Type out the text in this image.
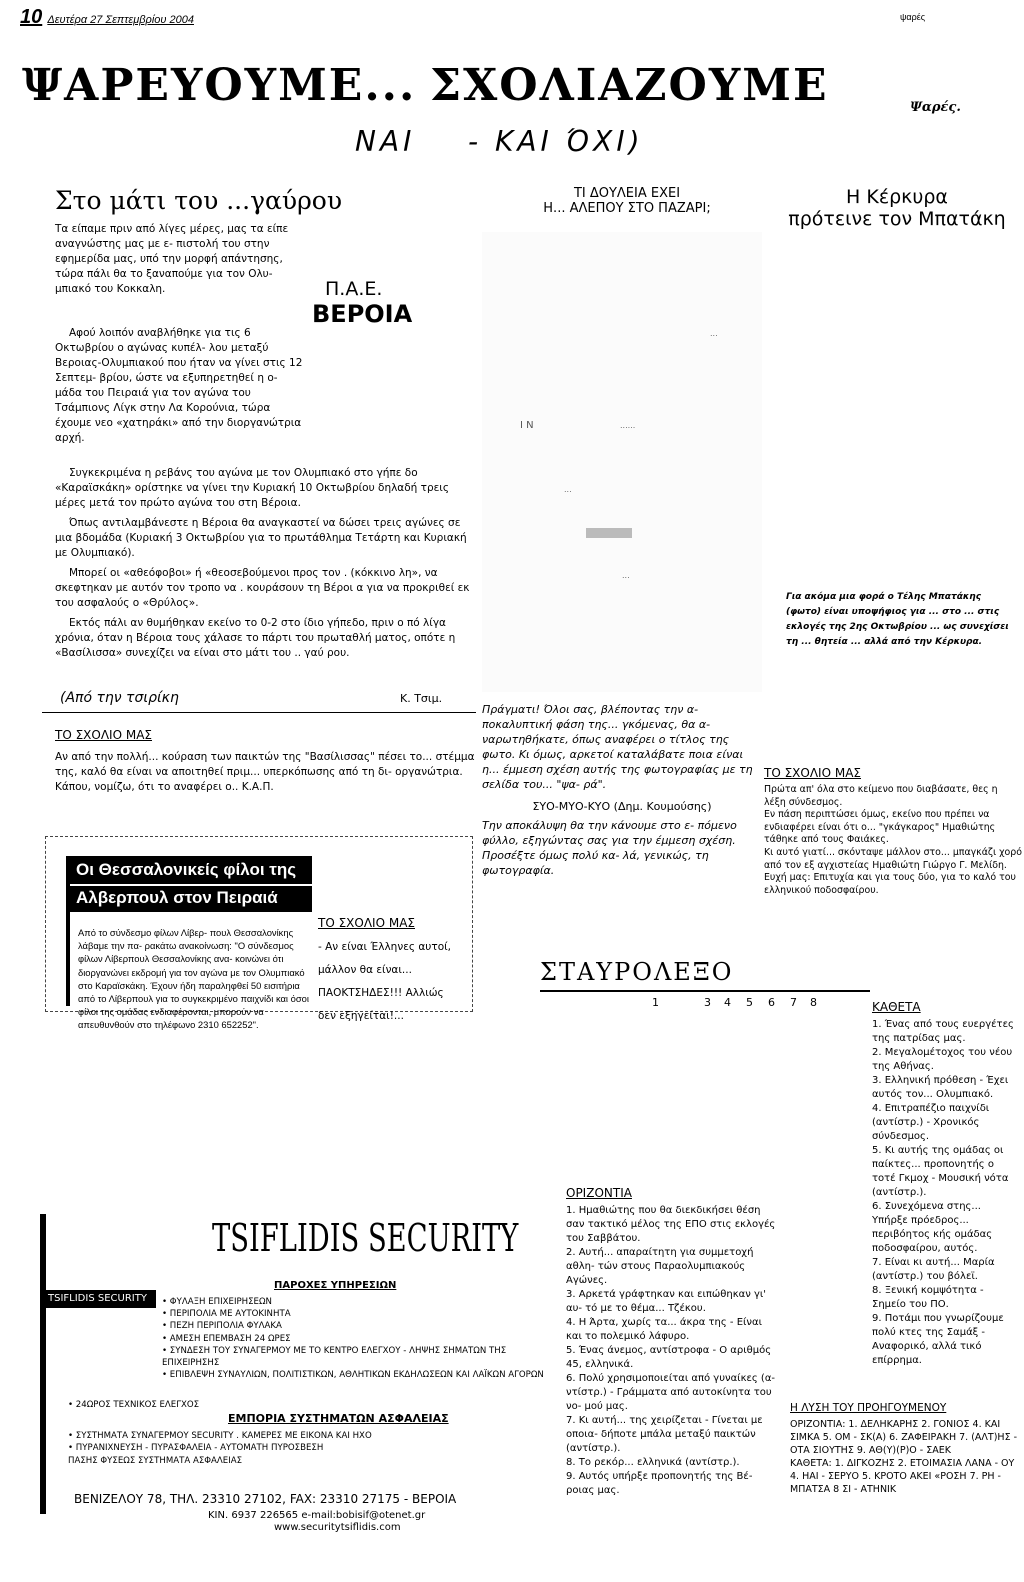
10 Δευτέρα 27 Σεπτεμβρίου 2004	ψαρές
ΨΑΡΕΥΟΥΜΕ... ΣΧΟΛΙΑΖΟΥΜΕ
ΝΑΙ - ΚΑΙ ΌΧΙ)
Ψαρές.
Στο μάτι του ...γαύρου
Π.Α.Ε.
ΒΕΡΟΙΑ
Τα είπαμε πριν από λίγες μέρες, μας τα είπε αναγνώστης μας με ε- πιστολή του στην εφημερίδα μας, υπό την μορφή απάντησης, τώρα πάλι θα το ξαναπούμε για τον Ολυ- μπιακό του Κοκκαλη.
Αφού λοιπόν αναβλήθηκε για τις 6 Οκτωβρίου ο αγώνας κυπέλ- λου μεταξύ Βεροιας-Ολυμπιακού που ήταν να γίνει στις 12 Σεπτεμ- βρίου, ώστε να εξυπηρετηθεί η ο- μάδα του Πειραιά για τον αγώνα του Τσάμπιονς Λίγκ στην Λα Κορούνια, τώρα έχουμε νεο «χατηράκι» από την διοργανώτρια αρχή.
Συγκεκριμένα η ρεβάνς του αγώνα με τον Ολυμπιακό στο γήπε δο «Καραϊσκάκη» ορίστηκε να γίνει την Κυριακή 10 Οκτωβρίου δηλαδή τρεις μέρες μετά τον πρώτο αγώνα του στη Βέροια.
Όπως αντιλαμβάνεστε η Βέροια θα αναγκαστεί να δώσει τρεις αγώνες σε μια βδομάδα (Κυριακή 3 Οκτωβρίου για το πρωτάθλημα Τετάρτη και Κυριακή με Ολυμπιακό).
Μπορεί οι «αθεόφοβοι» ή «θεοσεβούμενοι προς τον . (κόκκινο λη», να σκεφτηκαν με αυτόν τον τροπο να . κουράσουν τη Βέροι α για να προκριθεί εκ του ασφαλούς ο «Θρύλος».
Εκτός πάλι αν θυμήθηκαν εκείνο το 0-2 στο ίδιο γήπεδο, πριν ο πό λίγα χρόνια, όταν η Βέροια τους χάλασε το πάρτι του πρωταθλή ματος, οπότε η «Βασίλισσα» συνεχίζει να είναι στο μάτι του .. γαύ ρου.
(Από την τσιρίκη	Κ. Τσιμ.
ΤΟ ΣΧΟΛΙΟ ΜΑΣ
Αν από την πολλή... κούραση των παικτών της "Βασίλισσας" πέσει το... στέμμα της, καλό θα είναι να αποιτηθεί πριμ... υπερκόπωσης από τη δι- οργανώτρια. Κάπου, νομίζω, ότι το αναφέρει ο.. Κ.Α.Π.
Οι Θεσσαλονικείς φίλοι της
Αλβερπουλ στον Πειραιά
Από το σύνδεσμο φίλων Λίβερ- πουλ Θεσσαλονίκης λάβαμε την πα- ρακάτω ανακοίνωση: "Ο σύνδεσμος φίλων Λίβερπουλ Θεσσαλονίκης ανα- κοινώνει ότι διοργανώνει εκδρομή για τον αγώνα με τον Ολυμπιακό στο Καραϊσκάκη. Έχουν ήδη παραληφθεί 50 εισιτήρια από το Λίβερπουλ για το συγκεκριμένο παιχνίδι και όσοι φίλοι της ομάδας ενδιαφέρονται, μπορούν να απευθυνθούν στο τηλέφωνο 2310 652252".
ΤΟ ΣΧΟΛΙΟ ΜΑΣ
- Αν είναι Έλληνες αυτοί,
μάλλον θα είναι...
ΠΑΟΚΤΣΗΔΕΣ!!! Αλλιώς
δεν εξηγείται!...
ΤΙ ΔΟΥΛΕΙΑ ΕΧΕΙ
Η... ΑΛΕΠΟΥ ΣΤΟ ΠΑΖΑΡΙ;
Ι Ν	......
...
...
...
Πράγματι! Όλοι σας, βλέποντας την α- ποκαλυπτική φάση της... γκόμενας, θα α- ναρωτηθήκατε, όπως αναφέρει ο τίτλος της φωτο. Κι όμως, αρκετοί καταλάβατε ποια είναι η... έμμεση σχέση αυτής της φωτογραφίας με τη σελίδα του... "ψα- ρά".
ΣΥΟ-ΜΥΟ-ΚΥΟ (Δημ. Κουμούσης)
Την αποκάλυψη θα την κάνουμε στο ε- πόμενο φύλλο, εξηγώντας σας για την έμμεση σχέση. Προσέξτε όμως πολύ κα- λά, γενικώς, τη φωτογραφία.
Η Κέρκυρα
πρότεινε τον Μπατάκη
Για ακόμα μια φορά ο Τέλης Μπατάκης (φωτο) είναι υποψήφιος για ... στο ... στις εκλογές της 2ης Οκτωβρίου ... ως συνεχίσει τη ... θητεία ... αλλά από την Κέρκυρα.
ΤΟ ΣΧΟΛΙΟ ΜΑΣ

Πρώτα απ' όλα στο κείμενο που διαβάσατε, θες η λέξη σύνδεσμος.

Εν πάση περιπτώσει όμως, εκείνο που πρέπει να ενδιαφέρει είναι ότι ο... "γκάγκαρος" Ημαθιώτης τάθηκε από τους Φαιάκες.

Κι αυτό γιατί... σκόνταψε μάλλον στο... μπαγκάζι χορό από τον εξ αγχιστείας Ημαθιώτη Γιώργο Γ. Μελίδη.

Ευχή μας: Επιτυχία και για τους δύο, για το καλό του ελληνικού ποδοσφαίρου.

ΣΤΑΥΡΟΛΕΞΟ
1	3 4 5 6 7 8
ΟΡΙΖΟΝΤΙΑ

1. Ημαθιώτης που θα διεκδικήσει θέση σαν τακτικό μέλος της ΕΠΟ στις εκλογές του Σαββάτου.

2. Αυτή... απαραίτητη για συμμετοχή αθλη- τών στους Παραολυμπιακούς Αγώνες.

3. Αρκετά γράφτηκαν και ειπώθηκαν γι' αυ- τό με το θέμα... Τζέκου.

4. Η Άρτα, χωρίς τα... άκρα της - Είναι και το πολεμικό λάφυρο.

5. Ένας άνεμος, αντίστροφα - Ο αριθμός 45, ελληνικά.

6. Πολύ χρησιμοποιείται από γυναίκες (α- ντίστρ.) - Γράμματα από αυτοκίνητα του νο- μού μας.

7. Κι αυτή... της χειρίζεται - Γίνεται με οποια- δήποτε μπάλα μεταξύ παικτών (αντίστρ.).

8. Το ρεκόρ... ελληνικά (αντίστρ.).

9. Αυτός υπήρξε προπονητής της Βέ- ροιας μας.

ΚΑΘΕΤΑ

1. Ένας από τους ευεργέτες της πατρίδας μας.

2. Μεγαλομέτοχος του νέου της Αθήνας.

3. Ελληνική πρόθεση - Έχει αυτός τον... Ολυμπιακό.

4. Επιτραπέζιο παιχνίδι (αντίστρ.) - Χρονικός σύνδεσμος.

5. Κι αυτής της ομάδας οι παίκτες... προπονητής ο τοτέ Γκμοχ - Μουσική νότα (αντίστρ.).

6. Συνεχόμενα στης... Υπήρξε πρόεδρος... περιβόητος κής ομάδας ποδοσφαίρου, αυτός.

7. Είναι κι αυτή... Μαρία (αντίστρ.) του βόλεϊ.

8. Ξενική κομψότητα - Σημείο του ΠΟ.

9. Ποτάμι που γνωρίζουμε πολύ κτες της Σαμάξ - Αναφορικό, αλλά τικό επίρρημα.

Η ΛΥΣΗ ΤΟΥ ΠΡΟΗΓΟΥΜΕΝΟΥ

ΟΡΙΖΟΝΤΙΑ: 1. ΔΕΛΗΚΑΡΗΣ 2. ΓΟΝΙΟΣ 4. ΚΑΙ ΣΙΜΚΑ 5. ΟΜ - ΣΚ(Α) 6. ΖΑΦΕΙΡΑΚΗ 7. (ΑΛΤ)ΗΣ - ΟΤΑ ΣΙΟΥΤΗΣ 9. ΑΘ(Υ)(Ρ)Ο - ΣΑΕΚ

ΚΑΘΕΤΑ: 1. ΔΙΓΚΟΖΗΣ 2. ΕΤΟΙΜΑΣΙΑ ΛΑΝΑ - ΟΥ 4. ΗΑΙ - ΣΕΡΥΟ 5. ΚΡΟΤΟ ΑΚΕΙ «ΡΟΣΗ 7. ΡΗ - ΜΠΑΤΣΑ 8 ΣΙ - ΑΤΗΝΙΚ

TSIFLIDIS SECURITY
TSIFLIDIS SECURITY
ΠΑΡΟΧΕΣ ΥΠΗΡΕΣΙΩΝ
• ΦΥΛΑΞΗ ΕΠΙΧΕΙΡΗΣΕΩΝ
• ΠΕΡΙΠΟΛΙΑ ΜΕ ΑΥΤΟΚΙΝΗΤΑ
• ΠΕΖΗ ΠΕΡΙΠΟΛΙΑ ΦΥΛΑΚΑ
• ΑΜΕΣΗ ΕΠΕΜΒΑΣΗ 24 ΩΡΕΣ
• ΣΥΝΔΕΣΗ ΤΟΥ ΣΥΝΑΓΕΡΜΟΥ ΜΕ ΤΟ ΚΕΝΤΡΟ ΕΛΕΓΧΟΥ - ΛΗΨΗΣ ΣΗΜΑΤΩΝ ΤΗΣ ΕΠΙΧΕΙΡΗΣΗΣ
• ΕΠΙΒΛΕΨΗ ΣΥΝΑΥΛΙΩΝ, ΠΟΛΙΤΙΣΤΙΚΩΝ, ΑΘΛΗΤΙΚΩΝ ΕΚΔΗΛΩΣΕΩΝ ΚΑΙ ΛΑΪΚΩΝ ΑΓΟΡΩΝ
• 24ΩΡΟΣ ΤΕΧΝΙΚΟΣ ΕΛΕΓΧΟΣ
ΕΜΠΟΡΙΑ ΣΥΣΤΗΜΑΤΩΝ ΑΣΦΑΛΕΙΑΣ
• ΣΥΣΤΗΜΑΤΑ ΣΥΝΑΓΕΡΜΟΥ SECURITY . ΚΑΜΕΡΕΣ ΜΕ ΕΙΚΟΝΑ ΚΑΙ ΗΧΟ
• ΠΥΡΑΝΙΧΝΕΥΣΗ - ΠΥΡΑΣΦΑΛΕΙΑ - ΑΥΤΟΜΑΤΗ ΠΥΡΟΣΒΕΣΗ
ΠΑΣΗΣ ΦΥΣΕΩΣ ΣΥΣΤΗΜΑΤΑ ΑΣΦΑΛΕΙΑΣ
ΒΕΝΙΖΕΛΟΥ 78, ΤΗΛ. 23310 27102, FAX: 23310 27175 - ΒΕΡΟΙΑ
ΚΙΝ. 6937 226565 e-mail:bobisif@otenet.gr
www.securitytsiflidis.com
